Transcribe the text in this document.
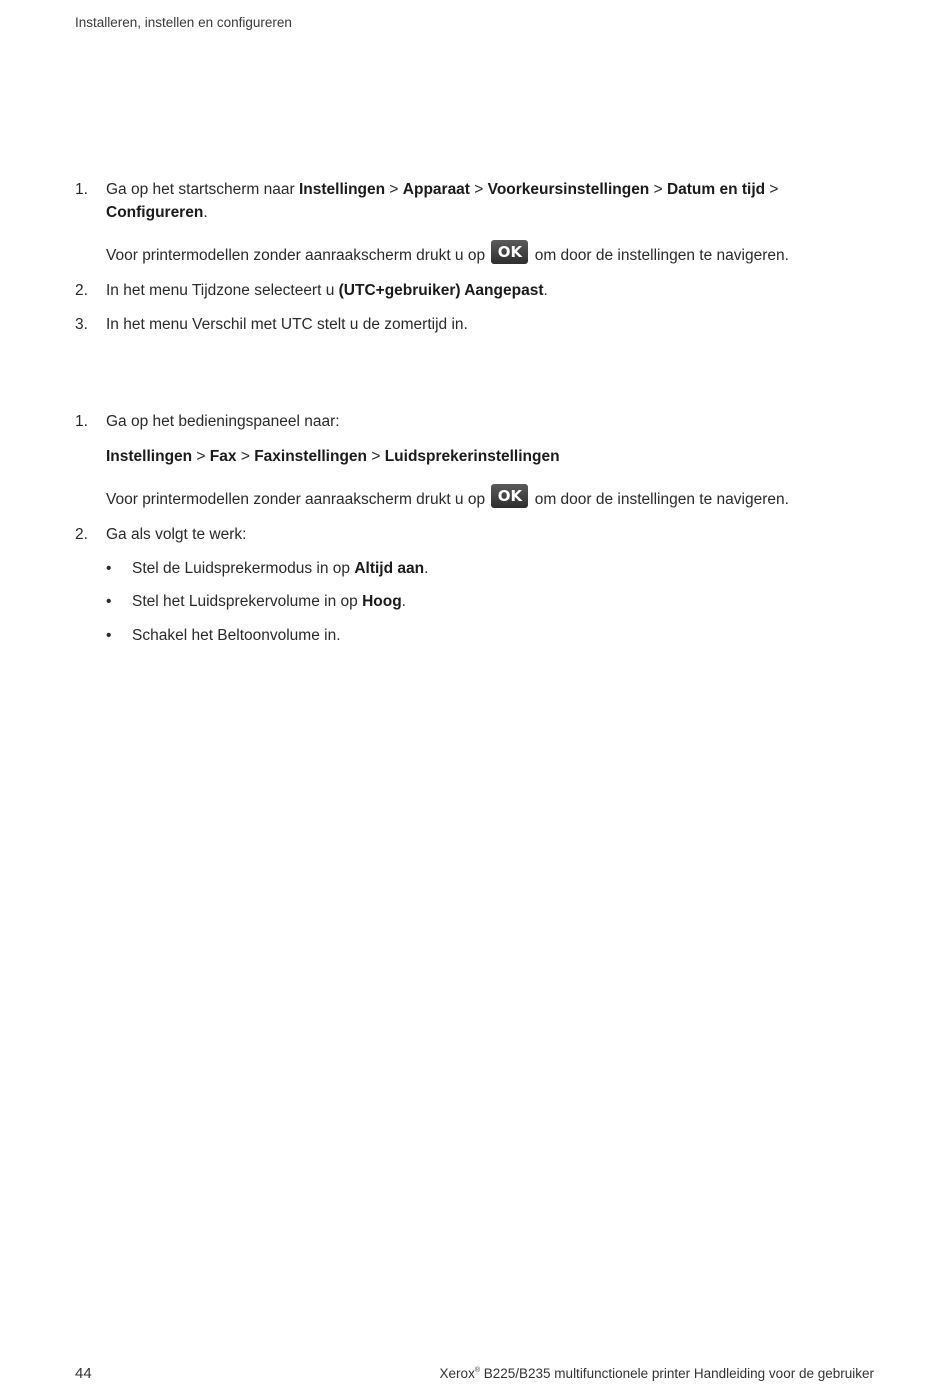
Installeren, instellen en configureren
1.	Ga op het startscherm naar Instellingen > Apparaat > Voorkeursinstellingen > Datum en tijd > Configureren.
Voor printermodellen zonder aanraakscherm drukt u op OK om door de instellingen te navigeren.
2.	In het menu Tijdzone selecteert u (UTC+gebruiker) Aangepast.
3.	In het menu Verschil met UTC stelt u de zomertijd in.
1.	Ga op het bedieningspaneel naar:
Instellingen > Fax > Faxinstellingen > Luidsprekerinstellingen
Voor printermodellen zonder aanraakscherm drukt u op OK om door de instellingen te navigeren.
2.	Ga als volgt te werk:
• Stel de Luidsprekermodus in op Altijd aan.
• Stel het Luidsprekervolume in op Hoog.
• Schakel het Beltoonvolume in.
44	Xerox® B225/B235 multifunctionele printer Handleiding voor de gebruiker
